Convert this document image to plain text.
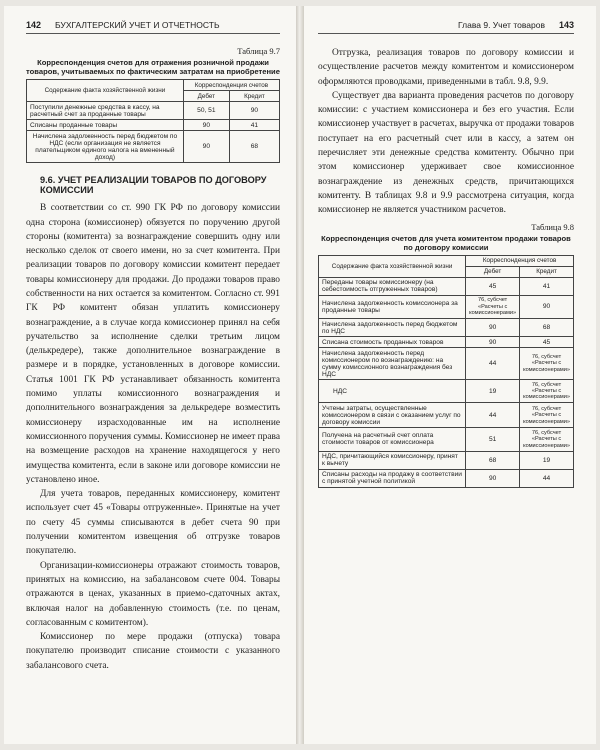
142 БУХГАЛТЕРСКИЙ УЧЕТ И ОТЧЕТНОСТЬ
Таблица 9.7
Корреспонденция счетов для отражения розничной продажи товаров, учитываемых по фактическим затратам на приобретение
Содержание факта хозяйственной жизни	Корреспонденция счетов	
	Дебет	Кредит
Поступили денежные средства в кассу, на расчетный счет за проданные товары	50, 51	90
Списаны проданные товары	90	41
Начислена задолженность перед бюджетом по НДС (если организация не является плательщиком единого налога на вмененный доход)	90	68
9.6. УЧЕТ РЕАЛИЗАЦИИ ТОВАРОВ ПО ДОГОВОРУ КОМИССИИ

В соответствии со ст. 990 ГК РФ по договору комиссии одна сторона (комиссионер) обязуется по поручению другой стороны (комитента) за вознаграждение совершить одну или несколько сделок от своего имени, но за счет комитента. При реализации товаров по договору комиссии комитент передает товары комиссионеру для продажи. До продажи товаров право собственности на них остается за комитентом. Согласно ст. 991 ГК РФ комитент обязан уплатить комиссионеру вознаграждение, а в случае когда комиссионер принял на себя ручательство за исполнение сделки третьим лицом (делькредере), также дополнительное вознаграждение в размере и в порядке, установленных в договоре комиссии. Статья 1001 ГК РФ устанавливает обязанность комитента помимо уплаты комиссионного вознаграждения и дополнительного вознаграждения за делькредере возместить комиссионеру израсходованные им на исполнение комиссионного поручения суммы. Комиссионер не имеет права на возмещение расходов на хранение находящегося у него имущества комитента, если в законе или договоре комиссии не установлено иное.

Для учета товаров, переданных комиссионеру, комитент использует счет 45 «Товары отгруженные». Принятые на учет по счету 45 суммы списываются в дебет счета 90 при получении комитентом извещения об отгрузке товаров покупателю.

Организации-комиссионеры отражают стоимость товаров, принятых на комиссию, на забалансовом счете 004. Товары отражаются в ценах, указанных в приемо-сдаточных актах, включая налог на добавленную стоимость (т.е. по ценам, согласованным с комитентом).

Комиссионер по мере продажи (отпуска) товара покупателю производит списание стоимости с указанного забалансового счета.

Глава 9. Учет товаров 143

Отгрузка, реализация товаров по договору комиссии и осуществление расчетов между комитентом и комиссионером оформляются проводками, приведенными в табл. 9.8, 9.9.

Существует два варианта проведения расчетов по договору комиссии: с участием комиссионера и без его участия. Если комиссионер участвует в расчетах, выручка от продажи товаров поступает на его расчетный счет или в кассу, а затем он перечисляет эти денежные средства комитенту. Обычно при этом комиссионер удерживает свое комиссионное вознаграждение из денежных средств, причитающихся комитенту. В таблицах 9.8 и 9.9 рассмотрена ситуация, когда комиссионер не является участником расчетов.

Таблица 9.8
Корреспонденция счетов для учета комитентом продажи товаров по договору комиссии
Содержание факта хозяйственной жизни	Корреспонденция счетов	
	Дебет	Кредит
Переданы товары комиссионеру (на себестоимость отгруженных товаров)	45	41
Начислена задолженность комиссионера за проданные товары	76, субсчет «Расчеты с комиссионерами»	90
Начислена задолженность перед бюджетом по НДС	90	68
Списана стоимость проданных товаров	90	45
Начислена задолженность перед комиссионером по вознаграждению: на сумму комиссионного вознаграждения без НДС	44	76, субсчет «Расчеты с комиссионерами»
НДС	19	76, субсчет «Расчеты с комиссионерами»
Учтены затраты, осуществленные комиссионером в связи с оказанием услуг по договору комиссии	44	76, субсчет «Расчеты с комиссионерами»
Получена на расчетный счет оплата стоимости товаров от комиссионера	51	76, субсчет «Расчеты с комиссионерами»
НДС, причитающийся комиссионеру, принят к вычету	68	19
Списаны расходы на продажу в соответствии с принятой учетной политикой	90	44
